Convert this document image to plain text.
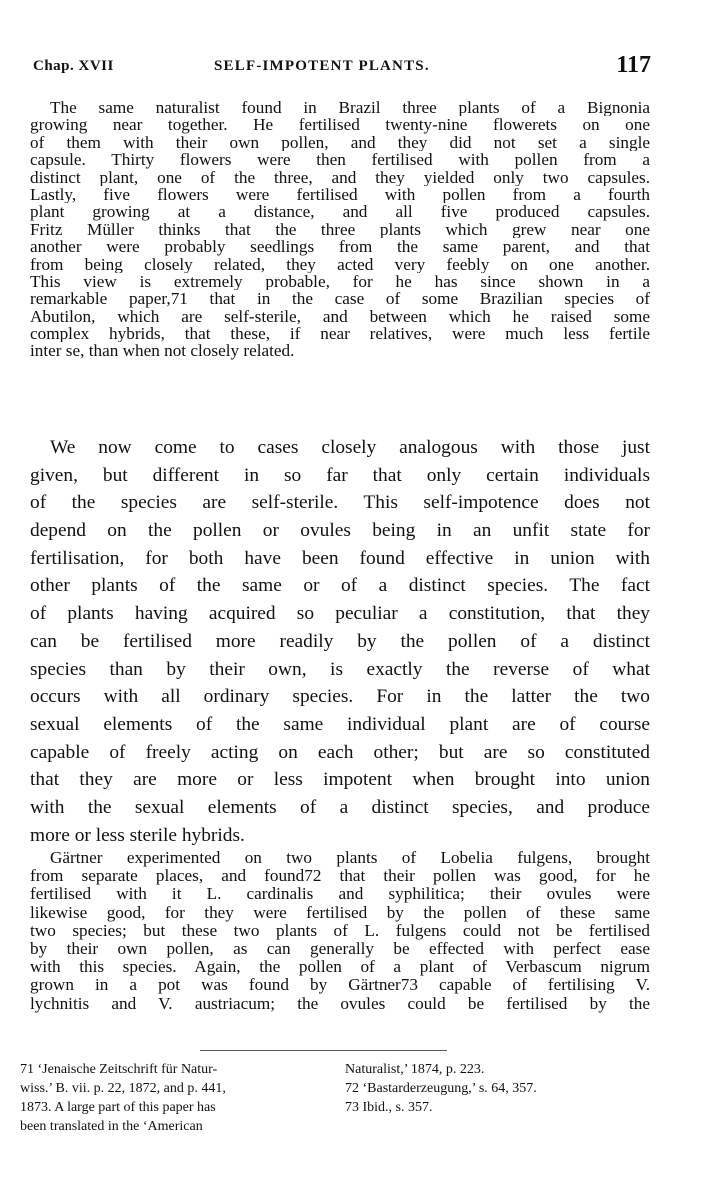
Chap. XVII	SELF-IMPOTENT PLANTS.	117
The same naturalist found in Brazil three plants of a Bignonia
growing near together. He fertilised twenty-nine flowerets on one
of them with their own pollen, and they did not set a single
capsule. Thirty flowers were then fertilised with pollen from a
distinct plant, one of the three, and they yielded only two capsules.
Lastly, five flowers were fertilised with pollen from a fourth
plant growing at a distance, and all five produced capsules.
Fritz Müller thinks that the three plants which grew near one
another were probably seedlings from the same parent, and that
from being closely related, they acted very feebly on one another.
This view is extremely probable, for he has since shown in a
remarkable paper,71 that in the case of some Brazilian species of
Abutilon, which are self-sterile, and between which he raised some
complex hybrids, that these, if near relatives, were much less fertile
inter se, than when not closely related.
We now come to cases closely analogous with those just
given, but different in so far that only certain individuals
of the species are self-sterile. This self-impotence does not
depend on the pollen or ovules being in an unfit state for
fertilisation, for both have been found effective in union with
other plants of the same or of a distinct species. The fact
of plants having acquired so peculiar a constitution, that they
can be fertilised more readily by the pollen of a distinct
species than by their own, is exactly the reverse of what
occurs with all ordinary species. For in the latter the two
sexual elements of the same individual plant are of course
capable of freely acting on each other; but are so constituted
that they are more or less impotent when brought into union
with the sexual elements of a distinct species, and produce
more or less sterile hybrids.
Gärtner experimented on two plants of Lobelia fulgens, brought
from separate places, and found72 that their pollen was good, for he
fertilised with it L. cardinalis and syphilitica; their ovules were
likewise good, for they were fertilised by the pollen of these same
two species; but these two plants of L. fulgens could not be fertilised
by their own pollen, as can generally be effected with perfect ease
with this species. Again, the pollen of a plant of Verbascum nigrum
grown in a pot was found by Gärtner73 capable of fertilising V.
lychnitis and V. austriacum; the ovules could be fertilised by the
71 ‘Jenaische Zeitschrift für Natur-
wiss.’ B. vii. p. 22, 1872, and p. 441,
1873. A large part of this paper has
been translated in the ‘American
Naturalist,’ 1874, p. 223.
72 ‘Bastarderzeugung,’ s. 64, 357.
73 Ibid., s. 357.
